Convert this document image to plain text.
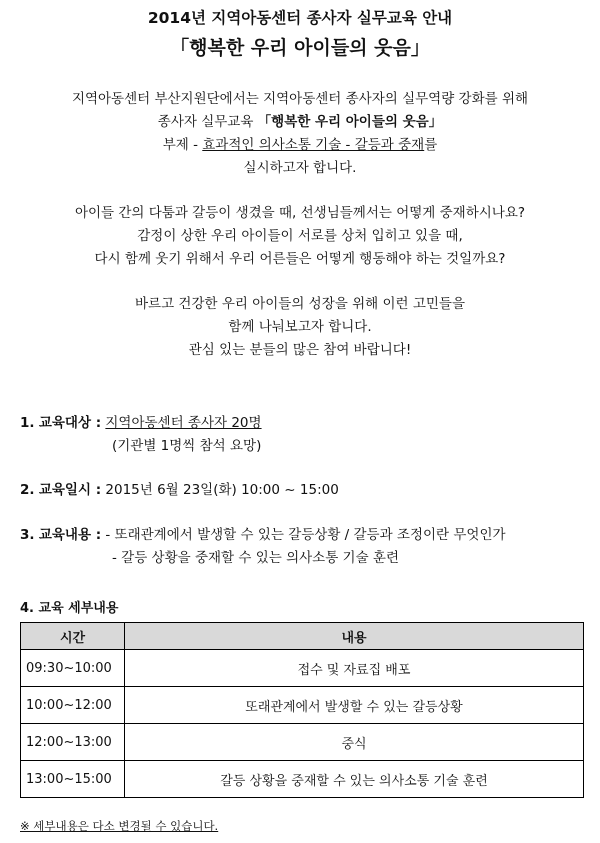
2014년 지역아동센터 종사자 실무교육 안내
「행복한 우리 아이들의 웃음」
지역아동센터 부산지원단에서는 지역아동센터 종사자의 실무역량 강화를 위해
종사자 실무교육 「행복한 우리 아이들의 웃음」
부제 - 효과적인 의사소통 기술 - 갈등과 중재를
실시하고자 합니다.
아이들 간의 다툼과 갈등이 생겼을 때, 선생님들께서는 어떻게 중재하시나요?
감정이 상한 우리 아이들이 서로를 상처 입히고 있을 때,
다시 함께 웃기 위해서 우리 어른들은 어떻게 행동해야 하는 것일까요?
바르고 건강한 우리 아이들의 성장을 위해 이런 고민들을
함께 나눠보고자 합니다.
관심 있는 분들의 많은 참여 바랍니다!
1. 교육대상 : 지역아동센터 종사자 20명
(기관별 1명씩 참석 요망)
2. 교육일시 : 2015년 6월 23일(화) 10:00 ~ 15:00
3. 교육내용 : - 또래관계에서 발생할 수 있는 갈등상황 / 갈등과 조정이란 무엇인가
- 갈등 상황을 중재할 수 있는 의사소통 기술 훈련
4. 교육 세부내용
시간	내용
09:30~10:00	접수 및 자료집 배포
10:00~12:00	또래관계에서 발생할 수 있는 갈등상황
12:00~13:00	중식
13:00~15:00	갈등 상황을 중재할 수 있는 의사소통 기술 훈련
※ 세부내용은 다소 변경될 수 있습니다.
